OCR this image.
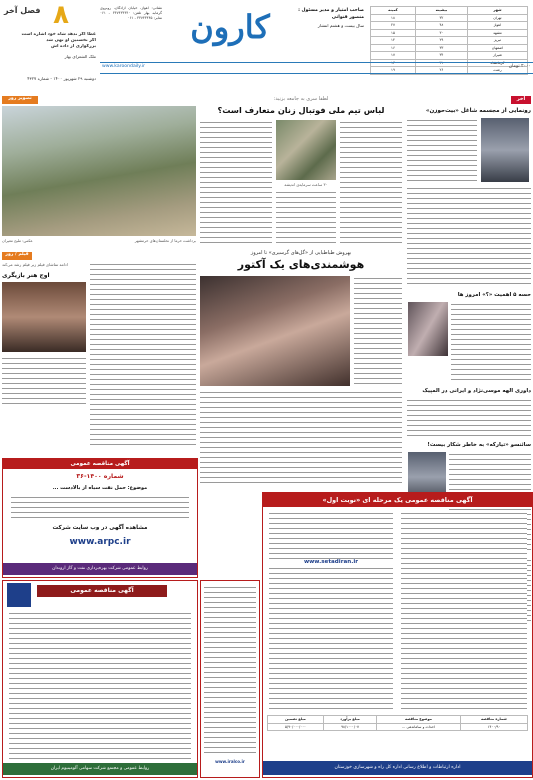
فصل آخر ۸
عطا اگر ندهد شاه خود اشاره است
اگر نخستین او تهی شد
بزرگواری از داده اش
ملک الشعرای بهار
دوشنبه ۲۹ شهریور ۱۴۰۰ - شماره ۴۳۲۷
نشانی: اهواز، خیابان آزادگان، روبروی گرمابه بهار تلفن: ۳۳۷۴۳۴۴۴۰ - ۰۶۱ نمابر: ۳۳۷۴۳۴۴۵ - ۰۶۱ کارون	صاحب امتیاز و مدیر مسئول :
منصور قنواتی
سال بیست و هشتم انتشار
شهر	بیشینه	کمینه
تهران	۳۲	۱۸
اهواز	۴۸	۲۷
مشهد	۳۰	۱۵
تبریز	۲۹	۱۴
اصفهان	۳۳	۱۶
شیراز	۳۴	۱۷
کرمانشاه	۳۱	۱۳
رشت	۲۶	۱۹
www.karoondaily.ir	۲۰۰۰ تومان
آخر
رونمایی از مجسمه شاغل «بیت‌حوزن»
حسه ۵ اهمیت «؟» امروز ها
داوری الهه موسی‌نژاد و ایرانی در المپیک
سائنسو «تیارکه» به خاطر شکار بیست!
لطفا سری به جامعه بزنید:
لباس تیم ملی فوتبال زنان متعارف است؟
۳۰ ساعت سرمایه‌ی اندیشه
تصویر روز
عکس: ملیح معیران	برداشت خرما از نخلستان‌های خرمشهر
بهروش طباطبایی از «گل‌های گرسیری» تا امروز
هوشمندی‌های یک آکتور
فیلم / روز
ادامه تماشای فیلم زیر فیلم رشد می‌کند
اوج هنر بازیگری
آگهی مناقصه عمومی
شماره ۱۴۰۰-۳۶
موضوع: حمل نفت سیاه از بالادست ...
مشاهده آگهی در وب سایت شرکت
www.arpc.ir
روابط عمومی شرکت بهره‌برداری نفت و گاز اروندان
آگهی مناقصه عمومی
روابط عمومی و مجتمع شرکت سهامی آلومینیوم ایران
آگهی مناقصه عمومی یک مرحله ای «نوبت اول»
www.setadiran.ir
شماره مناقصه	موضوع مناقصه	مبلغ برآورد	مبلغ تضمین
۱۴۰۰/۹۰	احداث و ساماندهی ...	۹۸/۱۰۰۰/۰۷	۵/۹۰/۰۰۰/۰۰۰
اداره ارتباطات و اطلاع رسانی اداره کل راه و شهرسازی خوزستان
www.iralco.ir
